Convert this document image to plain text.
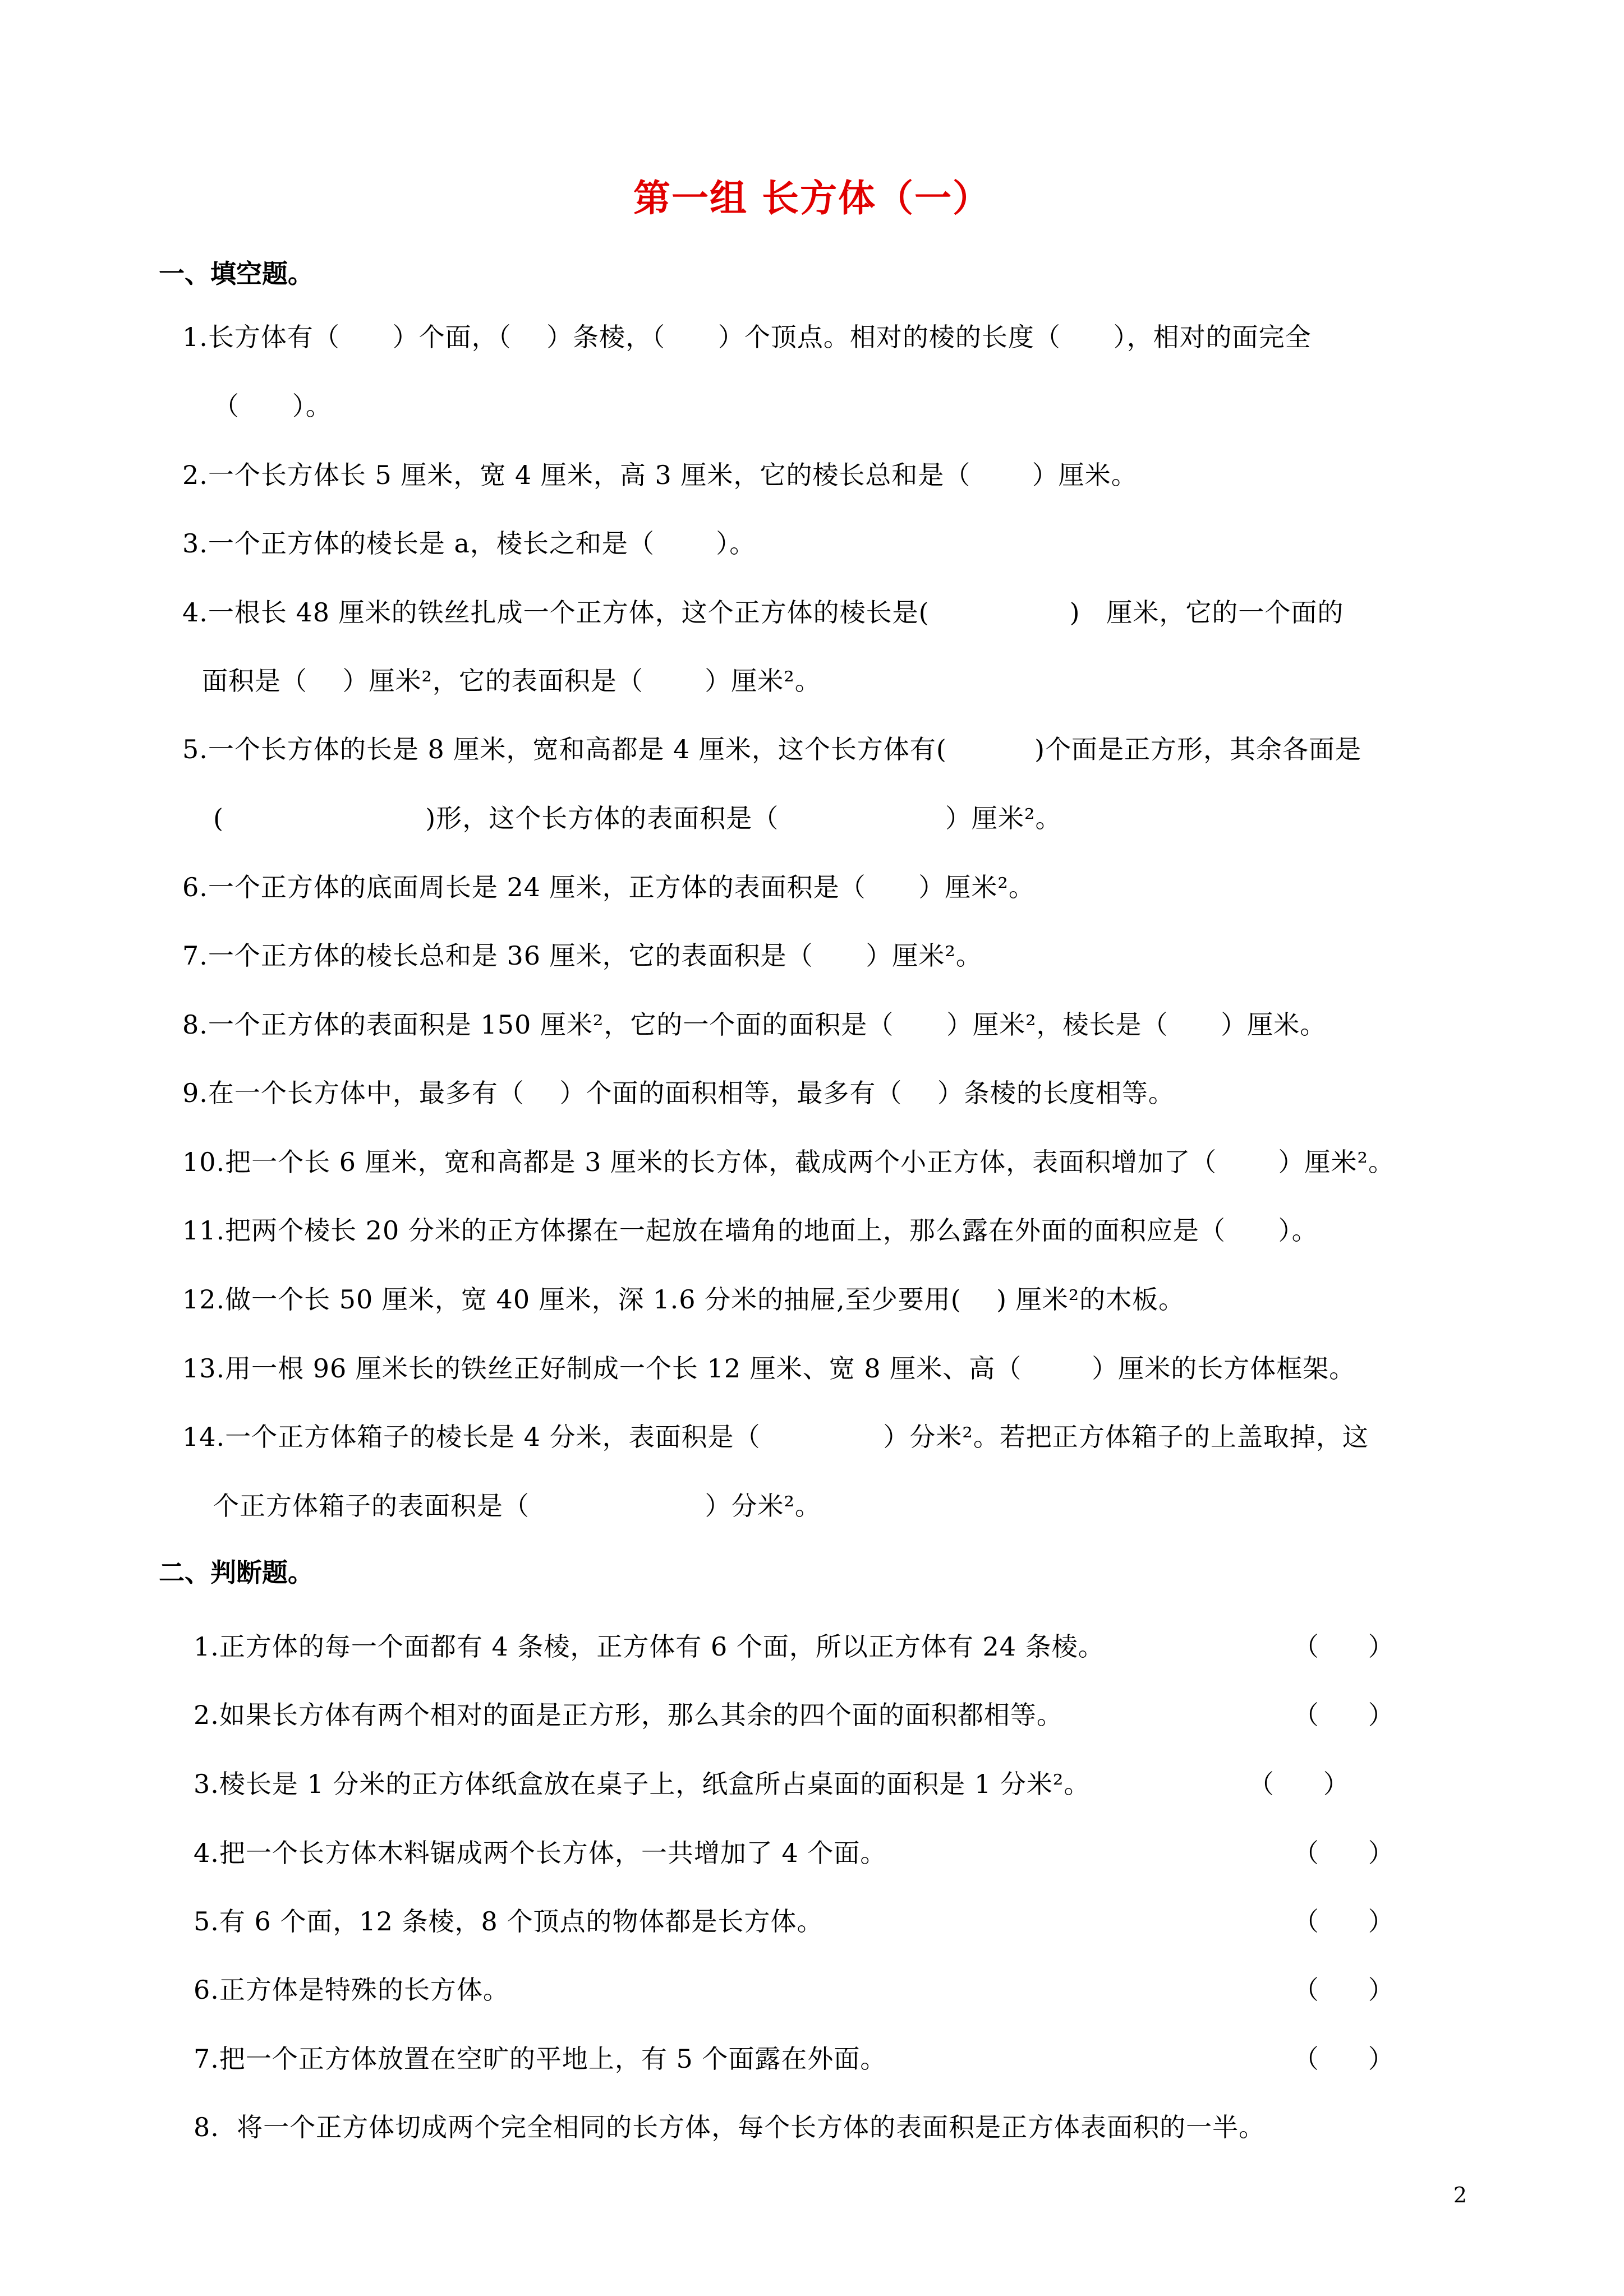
第一组 长方体（一）
一、填空题。
1.长方体有（      ）个面，（    ）条棱，（      ）个顶点。相对的棱的长度（      ），相对的面完全
（      ）。
2.一个长方体长 5 厘米，宽 4 厘米，高 3 厘米，它的棱长总和是（       ）厘米。
3.一个正方体的棱长是 a，棱长之和是（       ）。
4.一根长 48 厘米的铁丝扎成一个正方体，这个正方体的棱长是(                )   厘米，它的一个面的
面积是（    ）厘米²，它的表面积是（       ）厘米²。
5.一个长方体的长是 8 厘米，宽和高都是 4 厘米，这个长方体有(          )个面是正方形，其余各面是
(                       )形，这个长方体的表面积是（                   ）厘米²。
6.一个正方体的底面周长是 24 厘米，正方体的表面积是（      ）厘米²。
7.一个正方体的棱长总和是 36 厘米，它的表面积是（      ）厘米²。
8.一个正方体的表面积是 150 厘米²，它的一个面的面积是（      ）厘米²，棱长是（      ）厘米。
9.在一个长方体中，最多有（    ）个面的面积相等，最多有（    ）条棱的长度相等。
10.把一个长 6 厘米，宽和高都是 3 厘米的长方体，截成两个小正方体，表面积增加了（       ）厘米²。
11.把两个棱长 20 分米的正方体摞在一起放在墙角的地面上，那么露在外面的面积应是（      ）。
12.做一个长 50 厘米，宽 40 厘米，深 1.6 分米的抽屉,至少要用(    ) 厘米²的木板。
13.用一根 96 厘米长的铁丝正好制成一个长 12 厘米、宽 8 厘米、高（        ）厘米的长方体框架。
14.一个正方体箱子的棱长是 4 分米，表面积是（              ）分米²。若把正方体箱子的上盖取掉，这
个正方体箱子的表面积是（                    ）分米²。
二、判断题。

1.正方体的每一个面都有 4 条棱，正方体有 6 个面，所以正方体有 24 条棱。

	（      ）

2.如果长方体有两个相对的面是正方形，那么其余的四个面的面积都相等。

	（      ）

3.棱长是 1 分米的正方体纸盒放在桌子上，纸盒所占桌面的面积是 1 分米²。

	（      ）

4.把一个长方体木料锯成两个长方体，一共增加了 4 个面。

	（      ）

5.有 6 个面，12 条棱，8 个顶点的物体都是长方体。

	（      ）

6.正方体是特殊的长方体。

	（      ）

7.把一个正方体放置在空旷的平地上，有 5 个面露在外面。

	（      ）

8.  将一个正方体切成两个完全相同的长方体，每个长方体的表面积是正方体表面积的一半。

2
